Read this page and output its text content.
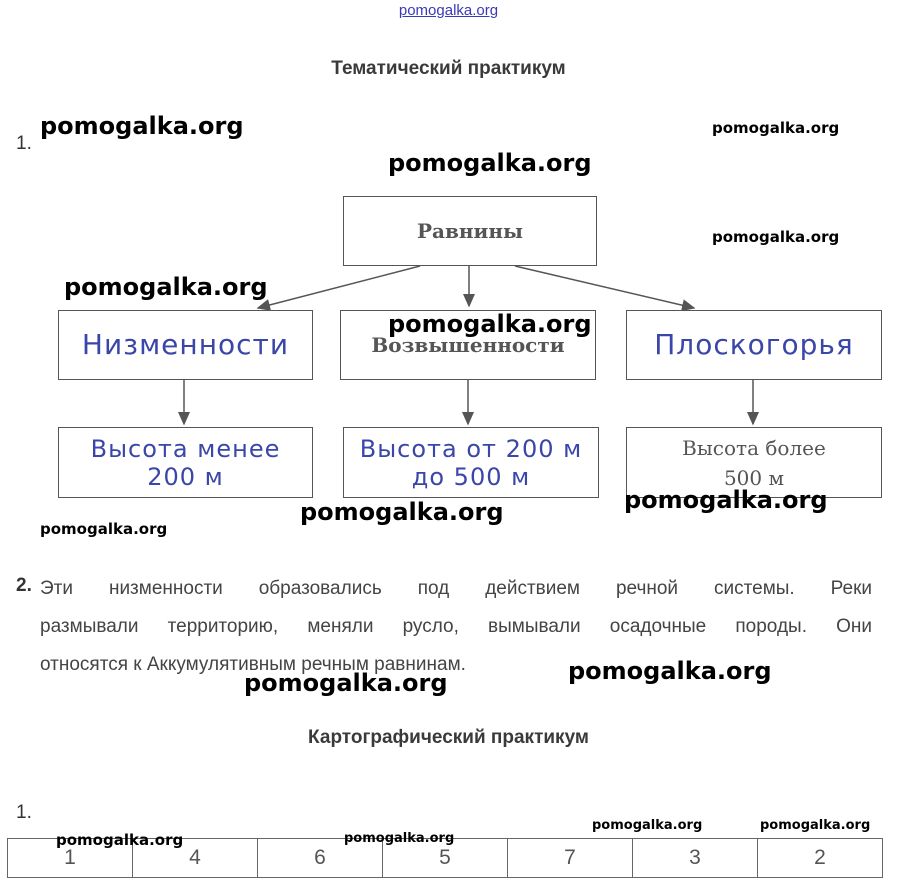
pomogalka.org
Тематический практикум
1.
Равнины
Низменности	Возвышенности	Плоскогорья
Высота менее 200 м
Высота от 200 м до 500 м
Высота более 500 м
2. Эти низменности образовались под действием речной системы. Реки
размывали территорию, меняли русло, вымывали осадочные породы. Они
относятся к Аккумулятивным речным равнинам.
Картографический практикум
1.
1	4	6	5	7	3	2
pomogalka.org	pomogalka.org
pomogalka.org
pomogalka.org
pomogalka.org
pomogalka.org
pomogalka.org
pomogalka.org
pomogalka.org
pomogalka.org
pomogalka.org
pomogalka.org	pomogalka.org
pomogalka.org	pomogalka.org
